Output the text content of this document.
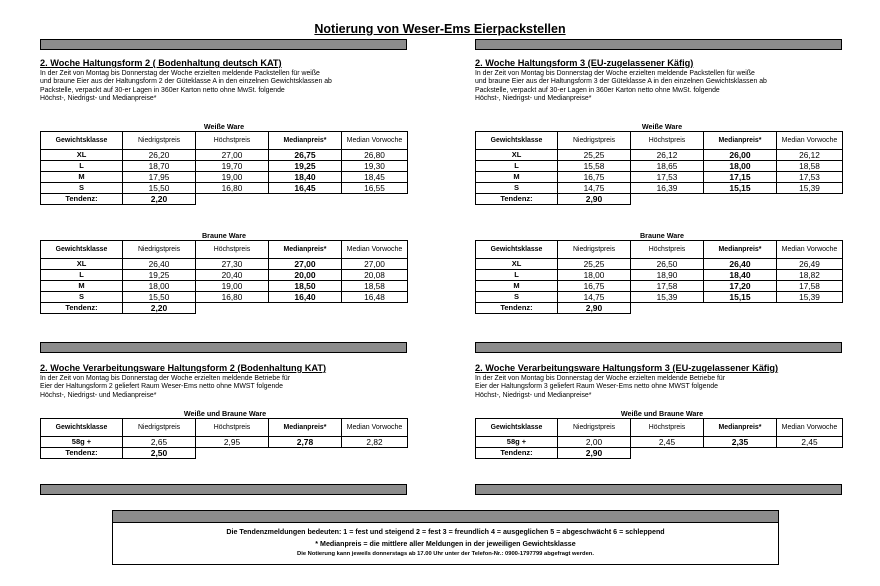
Notierung von Weser-Ems Eierpackstellen
2. Woche Haltungsform 2 ( Bodenhaltung deutsch KAT)
In der Zeit von Montag bis Donnerstag der Woche erzielten meldende Packstellen für weiße
und braune Eier aus der Haltungsform 2 der Güteklasse A in den einzelnen Gewichtsklassen ab
Packstelle, verpackt auf 30-er Lagen in 360er Karton netto ohne MwSt. folgende
Höchst-, Niedrigst- und Medianpreise*
Weiße Ware
Gewichtsklasse	Niedrigstpreis	Höchstpreis	Medianpreis*	Median Vorwoche
XL	26,20	27,00	26,75	26,80
L	18,70	19,70	19,25	19,30
M	17,95	19,00	18,40	18,45
S	15,50	16,80	16,45	16,55
Tendenz:	2,20			
Braune Ware
Gewichtsklasse	Niedrigstpreis	Höchstpreis	Medianpreis*	Median Vorwoche
XL	26,40	27,30	27,00	27,00
L	19,25	20,40	20,00	20,08
M	18,00	19,00	18,50	18,58
S	15,50	16,80	16,40	16,48
Tendenz:	2,20			
2. Woche Haltungsform 3 (EU-zugelassener Käfig)
In der Zeit von Montag bis Donnerstag der Woche erzielten meldende Packstellen für weiße
und braune Eier aus der Haltungsform 3 der Güteklasse A in den einzelnen Gewichtsklassen ab
Packstelle, verpackt auf 30-er Lagen in 360er Karton netto ohne MwSt. folgende
Höchst-, Niedrigst- und Medianpreise*
Weiße Ware
Gewichtsklasse	Niedrigstpreis	Höchstpreis	Medianpreis*	Median Vorwoche
XL	25,25	26,12	26,00	26,12
L	15,58	18,65	18,00	18,58
M	16,75	17,53	17,15	17,53
S	14,75	16,39	15,15	15,39
Tendenz:	2,90			
Braune Ware
Gewichtsklasse	Niedrigstpreis	Höchstpreis	Medianpreis*	Median Vorwoche
XL	25,25	26,50	26,40	26,49
L	18,00	18,90	18,40	18,82
M	16,75	17,58	17,20	17,58
S	14,75	15,39	15,15	15,39
Tendenz:	2,90			
2. Woche Verarbeitungsware Haltungsform 2 (Bodenhaltung KAT)
In der Zeit von Montag bis Donnerstag der Woche erzielten meldende Betriebe für
Eier der Haltungsform 2 geliefert Raum Weser-Ems netto ohne MWST folgende
Höchst-, Niedrigst- und Medianpreise*
Weiße und Braune Ware
Gewichtsklasse	Niedrigstpreis	Höchstpreis	Medianpreis*	Median Vorwoche
58g +	2,65	2,95	2,78	2,82
Tendenz:	2,50			
2. Woche Verarbeitungsware Haltungsform 3 (EU-zugelassener Käfig)
In der Zeit von Montag bis Donnerstag der Woche erzielten meldende Betriebe für
Eier der Haltungsform 3 geliefert Raum Weser-Ems netto ohne MWST folgende
Höchst-, Niedrigst- und Medianpreise*
Weiße und Braune Ware
Gewichtsklasse	Niedrigstpreis	Höchstpreis	Medianpreis*	Median Vorwoche
58g +	2,00	2,45	2,35	2,45
Tendenz:	2,90			
Die Tendenzmeldungen bedeuten: 1 = fest und steigend 2 = fest 3 = freundlich 4 = ausgeglichen 5 = abgeschwächt 6 = schleppend
* Medianpreis = die mittlere aller Meldungen in der jeweiligen Gewichtsklasse
Die Notierung kann jeweils donnerstags ab 17.00 Uhr unter der Telefon-Nr.: 0900-1797799 abgefragt werden.
